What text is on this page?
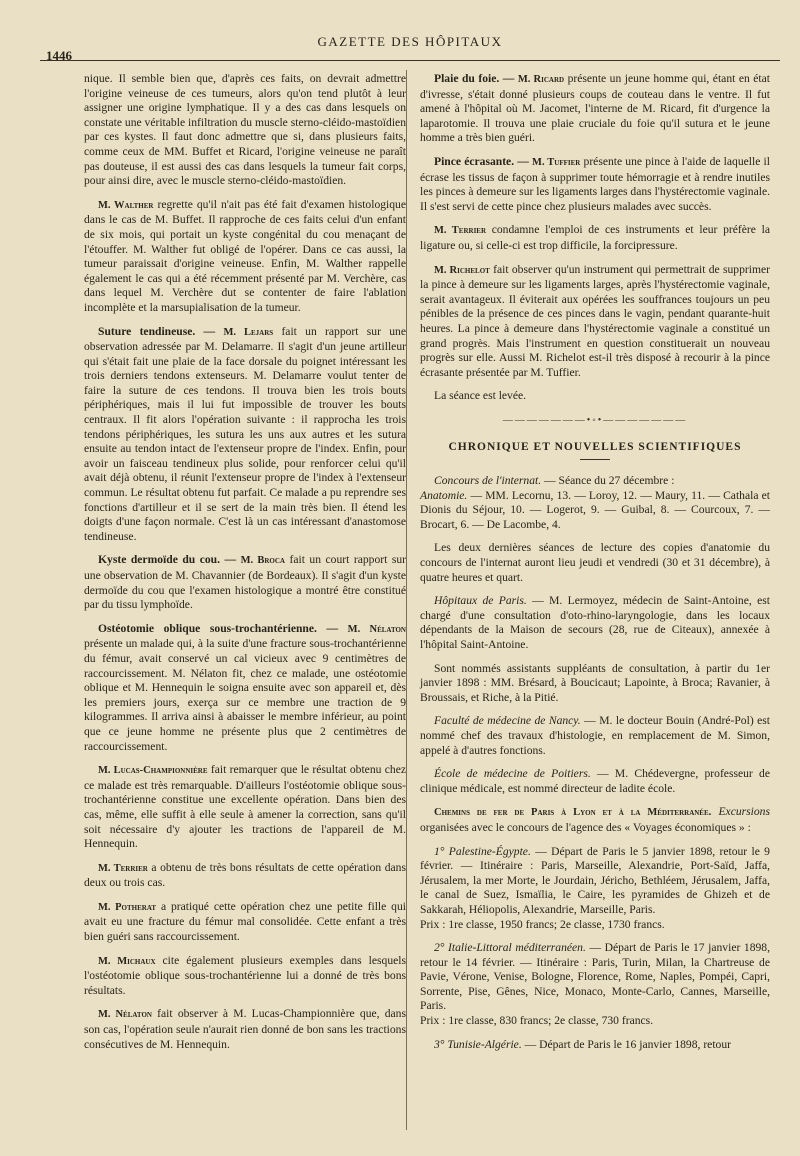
1446
GAZETTE DES HÔPITAUX

nique. Il semble bien que, d'après ces faits, on devrait admettre l'origine veineuse de ces tumeurs, alors qu'on tend plutôt à leur assigner une origine lymphatique. Il y a des cas dans lesquels on constate une véritable infiltration du muscle sterno-cléido-mastoïdien par ces kystes. Il faut donc admettre que si, dans plusieurs faits, comme ceux de MM. Buffet et Ricard, l'origine veineuse ne paraît pas douteuse, il est aussi des cas dans lesquels la tumeur fait corps, pour ainsi dire, avec le muscle sterno-cléido-mastoïdien.

M. Walther regrette qu'il n'ait pas été fait d'examen histologique dans le cas de M. Buffet. Il rapproche de ces faits celui d'un enfant de six mois, qui portait un kyste congénital du cou menaçant de l'étouffer. M. Walther fut obligé de l'opérer. Dans ce cas aussi, la tumeur paraissait d'origine veineuse. Enfin, M. Walther rappelle également le cas qui a été récemment présenté par M. Verchère, cas dans lequel M. Verchère dut se contenter de faire l'ablation incomplète et la marsupialisation de la tumeur.

Suture tendineuse. — M. Lejars fait un rapport sur une observation adressée par M. Delamarre. Il s'agit d'un jeune artilleur qui s'était fait une plaie de la face dorsale du poignet intéressant les trois derniers tendons extenseurs. M. Delamarre voulut tenter de faire la suture de ces tendons. Il trouva bien les trois bouts périphériques, mais il lui fut impossible de trouver les bouts centraux. Il fit alors l'opération suivante : il rapprocha les trois tendons périphériques, les sutura les uns aux autres et les sutura ensuite au tendon intact de l'extenseur propre de l'index. Enfin, pour avoir un faisceau tendineux plus solide, pour renforcer celui qu'il avait déjà obtenu, il réunit l'extenseur propre de l'index à l'extenseur commun. Le résultat obtenu fut parfait. Ce malade a pu reprendre ses fonctions d'artilleur et il se sert de la main très bien. Il étend les doigts d'une façon normale. C'est là un cas intéressant d'anastomose tendineuse.

Kyste dermoïde du cou. — M. Broca fait un court rapport sur une observation de M. Chavannier (de Bordeaux). Il s'agit d'un kyste dermoïde du cou que l'examen histologique a montré être constitué par du tissu lymphoïde.

Ostéotomie oblique sous-trochantérienne. — M. Nélaton présente un malade qui, à la suite d'une fracture sous-trochantérienne du fémur, avait conservé un cal vicieux avec 9 centimètres de raccourcissement. M. Nélaton fit, chez ce malade, une ostéotomie oblique et M. Hennequin le soigna ensuite avec son appareil et, dès les premiers jours, exerça sur ce membre une traction de 9 kilogrammes. Il arriva ainsi à abaisser le membre inférieur, au point que ce jeune homme ne présente plus que 2 centimètres de raccourcissement.

M. Lucas-Championnière fait remarquer que le résultat obtenu chez ce malade est très remarquable. D'ailleurs l'ostéotomie oblique sous-trochantérienne constitue une excellente opération. Dans bien des cas, même, elle suffit à elle seule à amener la correction, sans qu'il soit nécessaire d'y ajouter les tractions de l'appareil de M. Hennequin.

M. Terrier a obtenu de très bons résultats de cette opération dans deux ou trois cas.

M. Potherat a pratiqué cette opération chez une petite fille qui avait eu une fracture du fémur mal consolidée. Cette enfant a très bien guéri sans raccourcissement.

M. Michaux cite également plusieurs exemples dans lesquels l'ostéotomie oblique sous-trochantérienne lui a donné de très bons résultats.

M. Nélaton fait observer à M. Lucas-Championnière que, dans son cas, l'opération seule n'aurait rien donné de bon sans les tractions consécutives de M. Hennequin.

Plaie du foie. — M. Ricard présente un jeune homme qui, étant en état d'ivresse, s'était donné plusieurs coups de couteau dans le ventre. Il fut amené à l'hôpital où M. Jacomet, l'interne de M. Ricard, fit d'urgence la laparotomie. Il trouva une plaie cruciale du foie qu'il sutura et le jeune homme a très bien guéri.

Pince écrasante. — M. Tuffier présente une pince à l'aide de laquelle il écrase les tissus de façon à supprimer toute hémorragie et à rendre inutiles les pinces à demeure sur les ligaments larges dans l'hystérectomie vaginale. Il s'est servi de cette pince chez plusieurs malades avec succès.

M. Terrier condamne l'emploi de ces instruments et leur préfère la ligature ou, si celle-ci est trop difficile, la forcipressure.

M. Richelot fait observer qu'un instrument qui permettrait de supprimer la pince à demeure sur les ligaments larges, après l'hystérectomie vaginale, serait avantageux. Il éviterait aux opérées les souffrances toujours un peu pénibles de la présence de ces pinces dans le vagin, pendant quarante-huit heures. La pince à demeure dans l'hystérectomie vaginale a constitué un grand progrès. Mais l'instrument en question constituerait un nouveau progrès sur elle. Aussi M. Richelot est-il très disposé à recourir à la pince écrasante présentée par M. Tuffier.

La séance est levée.

———————•◦•———————
CHRONIQUE ET NOUVELLES SCIENTIFIQUES

Concours de l'internat. — Séance du 27 décembre :
Anatomie. — MM. Lecornu, 13. — Loroy, 12. — Maury, 11. — Cathala et Dionis du Séjour, 10. — Logerot, 9. — Guibal, 8. — Courcoux, 7. — Brocart, 6. — De Lacombe, 4.

Les deux dernières séances de lecture des copies d'anatomie du concours de l'internat auront lieu jeudi et vendredi (30 et 31 décembre), à quatre heures et quart.

Hôpitaux de Paris. — M. Lermoyez, médecin de Saint-Antoine, est chargé d'une consultation d'oto-rhino-laryngologie, dans les locaux dépendants de la Maison de secours (28, rue de Citeaux), annexée à l'hôpital Saint-Antoine.

Sont nommés assistants suppléants de consultation, à partir du 1er janvier 1898 : MM. Brésard, à Boucicaut; Lapointe, à Broca; Ravanier, à Broussais, et Riche, à la Pitié.

Faculté de médecine de Nancy. — M. le docteur Bouin (André-Pol) est nommé chef des travaux d'histologie, en remplacement de M. Simon, appelé à d'autres fonctions.

École de médecine de Poitiers. — M. Chédevergne, professeur de clinique médicale, est nommé directeur de ladite école.

Chemins de fer de Paris à Lyon et à la Méditerranée. Excursions organisées avec le concours de l'agence des « Voyages économiques » :

1° Palestine-Égypte. — Départ de Paris le 5 janvier 1898, retour le 9 février. — Itinéraire : Paris, Marseille, Alexandrie, Port-Saïd, Jaffa, Jérusalem, la mer Morte, le Jourdain, Jéricho, Bethléem, Jérusalem, Jaffa, le canal de Suez, Ismaïlia, le Caire, les pyramides de Ghizeh et de Sakkarah, Héliopolis, Alexandrie, Marseille, Paris.
Prix : 1re classe, 1950 francs; 2e classe, 1730 francs.

2° Italie-Littoral méditerranéen. — Départ de Paris le 17 janvier 1898, retour le 14 février. — Itinéraire : Paris, Turin, Milan, la Chartreuse de Pavie, Vérone, Venise, Bologne, Florence, Rome, Naples, Pompéi, Capri, Sorrente, Pise, Gênes, Nice, Monaco, Monte-Carlo, Cannes, Marseille, Paris.
Prix : 1re classe, 830 francs; 2e classe, 730 francs.

3° Tunisie-Algérie. — Départ de Paris le 16 janvier 1898, retour
